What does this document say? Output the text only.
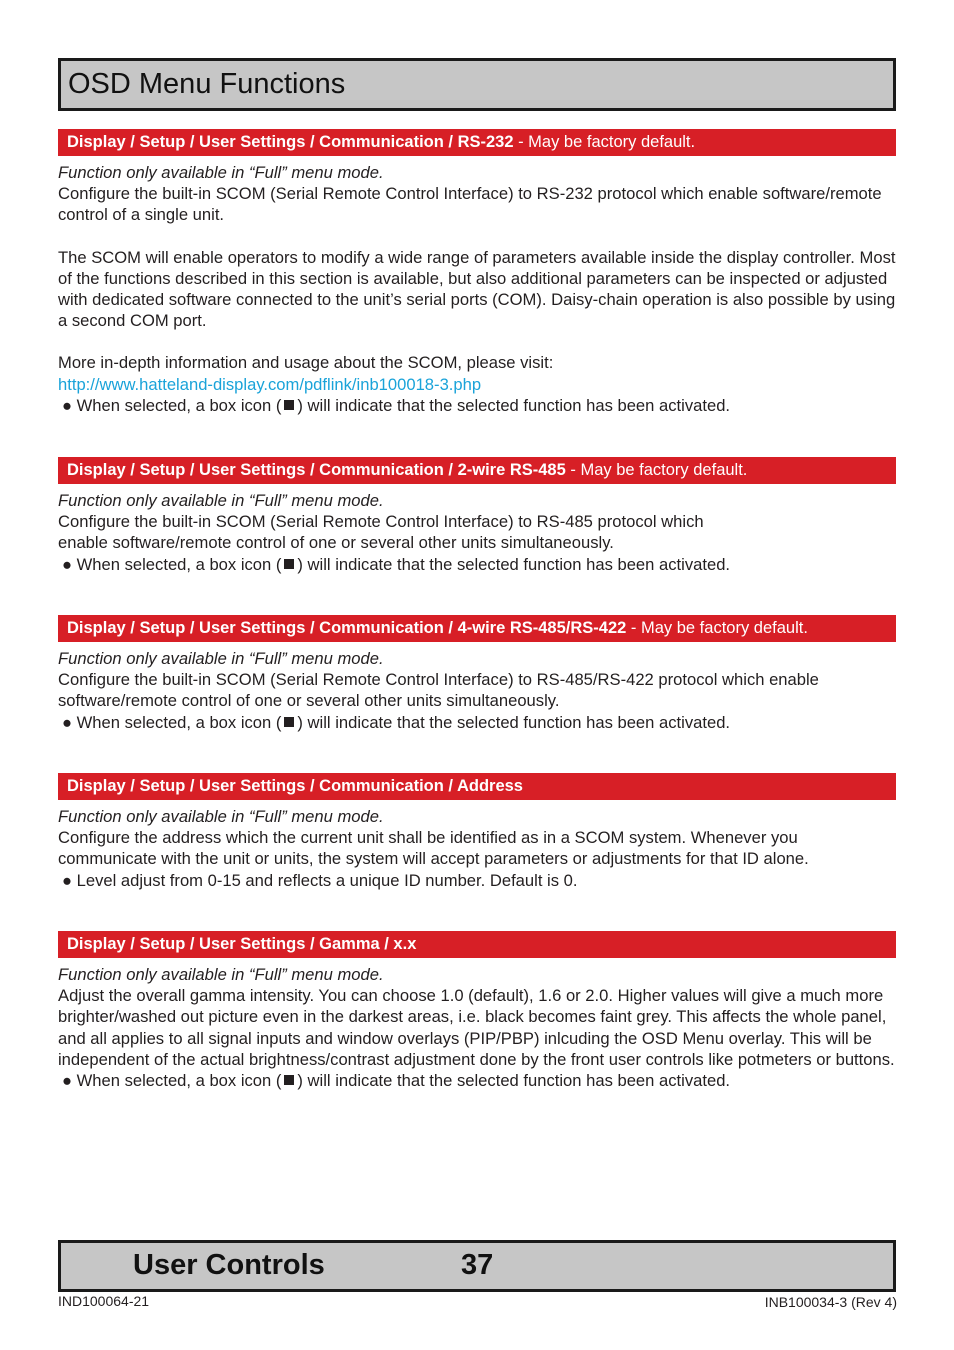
OSD Menu Functions
Display / Setup / User Settings / Communication / RS-232 - May be factory default.

Function only available in “Full” menu mode.

Configure the built-in SCOM (Serial Remote Control Interface) to RS-232 protocol which enable software/remote control of a single unit.

The SCOM will enable operators to modify a wide range of parameters available inside the display controller. Most of the functions described in this section is available, but also additional parameters can be inspected or adjusted with dedicated software connected to the unit’s serial ports (COM). Daisy-chain operation is also possible by using a second COM port.

More in-depth information and usage about the SCOM, please visit:

http://www.hatteland-display.com/pdflink/inb100018-3.php

● When selected, a box icon ( ) will indicate that the selected function has been activated.

Display / Setup / User Settings / Communication / 2-wire RS-485 - May be factory default.

Function only available in “Full” menu mode.

Configure the built-in SCOM (Serial Remote Control Interface) to RS-485 protocol which

enable software/remote control of one or several other units simultaneously.

● When selected, a box icon ( ) will indicate that the selected function has been activated.

Display / Setup / User Settings / Communication / 4-wire RS-485/RS-422 - May be factory default.

Function only available in “Full” menu mode.

Configure the built-in SCOM (Serial Remote Control Interface) to RS-485/RS-422 protocol which enable software/remote control of one or several other units simultaneously.

● When selected, a box icon ( ) will indicate that the selected function has been activated.

Display / Setup / User Settings / Communication / Address

Function only available in “Full” menu mode.

Configure the address which the current unit shall be identified as in a SCOM system. Whenever you communicate with the unit or units, the system will accept parameters or adjustments for that ID alone.

● Level adjust from 0-15 and reflects a unique ID number. Default is 0.

Display / Setup / User Settings / Gamma / x.x

Function only available in “Full” menu mode.

Adjust the overall gamma intensity. You can choose 1.0 (default), 1.6 or 2.0. Higher values will give a much more brighter/washed out picture even in the darkest areas, i.e. black becomes faint grey. This affects the whole panel, and all applies to all signal inputs and window overlays (PIP/PBP) inlcuding the OSD Menu overlay. This will be independent of the actual brightness/contrast adjustment done by the front user controls like potmeters or buttons.

● When selected, a box icon ( ) will indicate that the selected function has been activated.

User Controls	37
IND100064-21	INB100034-3 (Rev 4)
